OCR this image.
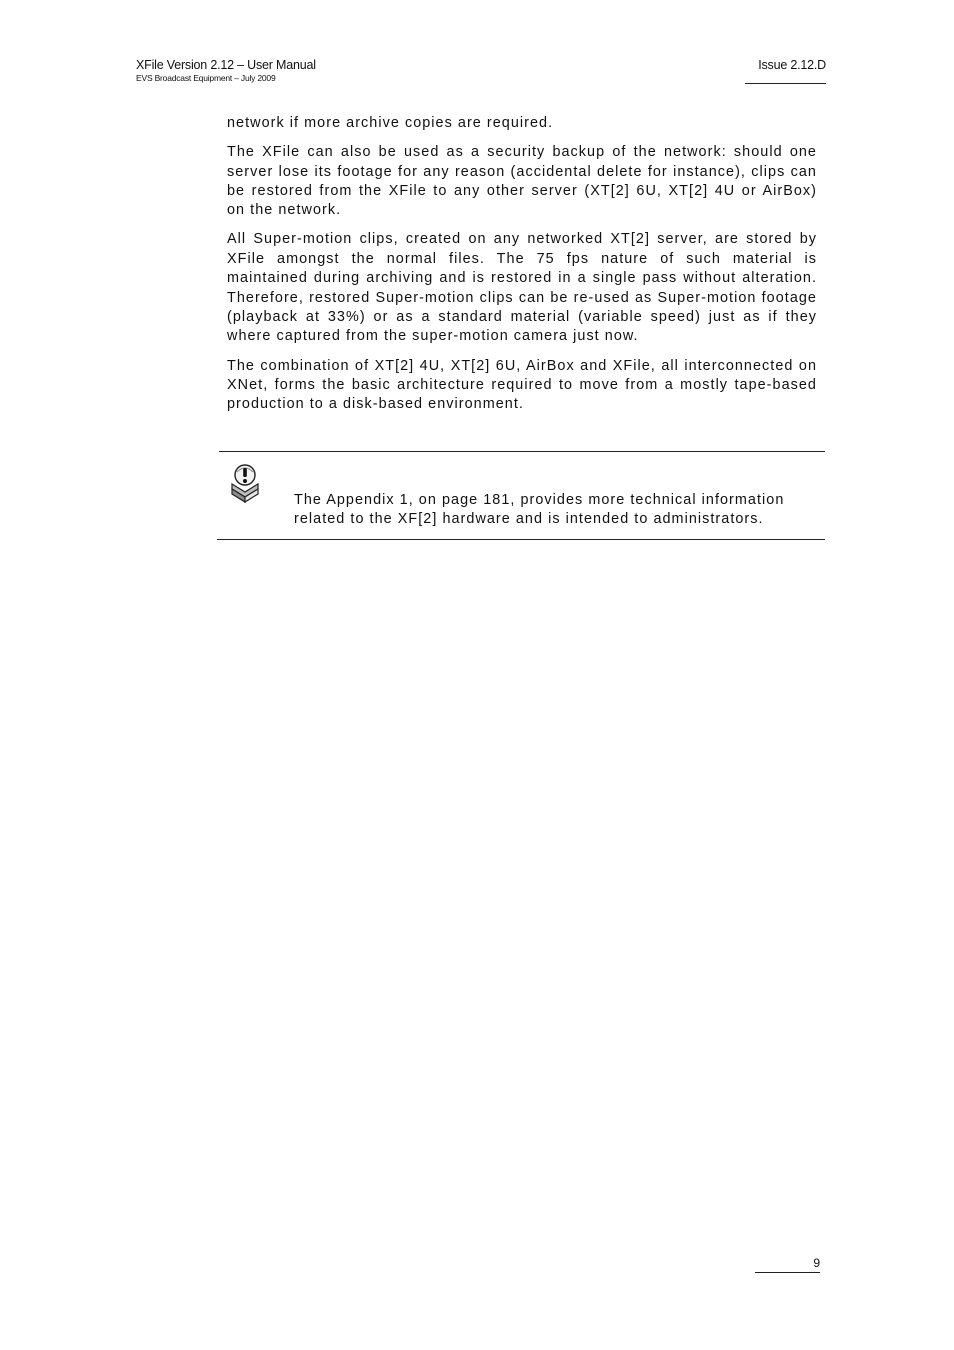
XFile Version 2.12 – User Manual
EVS Broadcast Equipment – July 2009
Issue 2.12.D

network if more archive copies are required.

The XFile can also be used as a security backup of the network: should one server lose its footage for any reason (accidental delete for instance), clips can be restored from the XFile to any other server (XT[2] 6U, XT[2] 4U or AirBox) on the network.

All Super-motion clips, created on any networked XT[2] server, are stored by XFile amongst the normal files. The 75 fps nature of such material is maintained during archiving and is restored in a single pass without alteration. Therefore, restored Super-motion clips can be re-used as Super-motion footage (playback at 33%) or as a standard material (variable speed) just as if they where captured from the super-motion camera just now.

The combination of XT[2] 4U, XT[2] 6U, AirBox and XFile, all interconnected on XNet, forms the basic architecture required to move from a mostly tape-based production to a disk-based environment.

The Appendix 1, on page 181, provides more technical information related to the XF[2] hardware and is intended to administrators.
9
